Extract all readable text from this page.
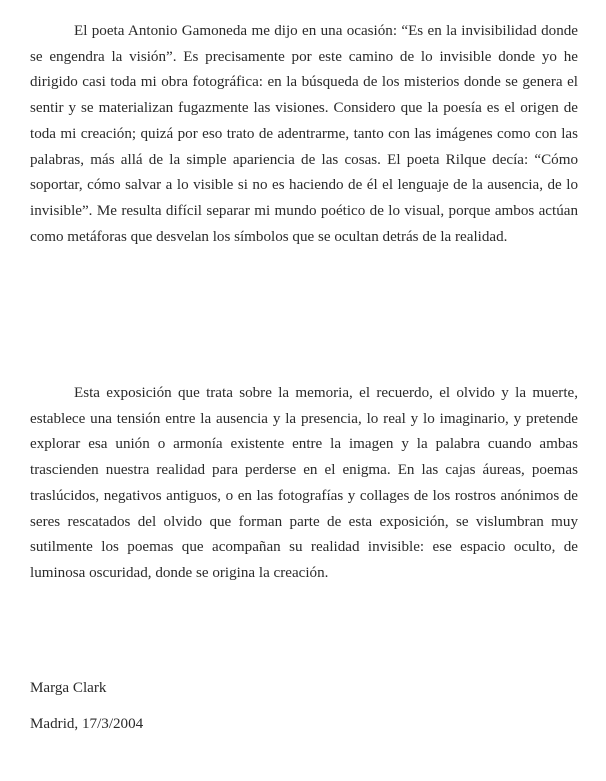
El poeta Antonio Gamoneda me dijo en una ocasión: “Es en la invisibilidad donde se engendra la visión”. Es precisamente por este camino de lo invisible donde yo he dirigido casi toda mi obra fotográfica: en la búsqueda de los misterios donde se genera el sentir y se materializan fugazmente las visiones. Considero que la poesía es el origen de toda mi creación; quizá por eso trato de adentrarme, tanto con las imágenes como con las palabras, más allá de la simple apariencia de las cosas. El poeta Rilque decía: “Cómo soportar, cómo salvar a lo visible si no es haciendo de él el lenguaje de la ausencia, de lo invisible”. Me resulta difícil separar mi mundo poético de lo visual, porque ambos actúan como metáforas que desvelan los símbolos que se ocultan detrás de la realidad.

Esta exposición que trata sobre la memoria, el recuerdo, el olvido y la muerte, establece una tensión entre la ausencia y la presencia, lo real y lo imaginario, y pretende explorar esa unión o armonía existente entre la imagen y la palabra cuando ambas trascienden nuestra realidad para perderse en el enigma. En las cajas áureas, poemas traslúcidos, negativos antiguos, o en las fotografías y collages de los rostros anónimos de seres rescatados del olvido que forman parte de esta exposición, se vislumbran muy sutilmente los poemas que acompañan su realidad invisible: ese espacio oculto, de luminosa oscuridad, donde se origina la creación.

Marga Clark

Madrid, 17/3/2004
